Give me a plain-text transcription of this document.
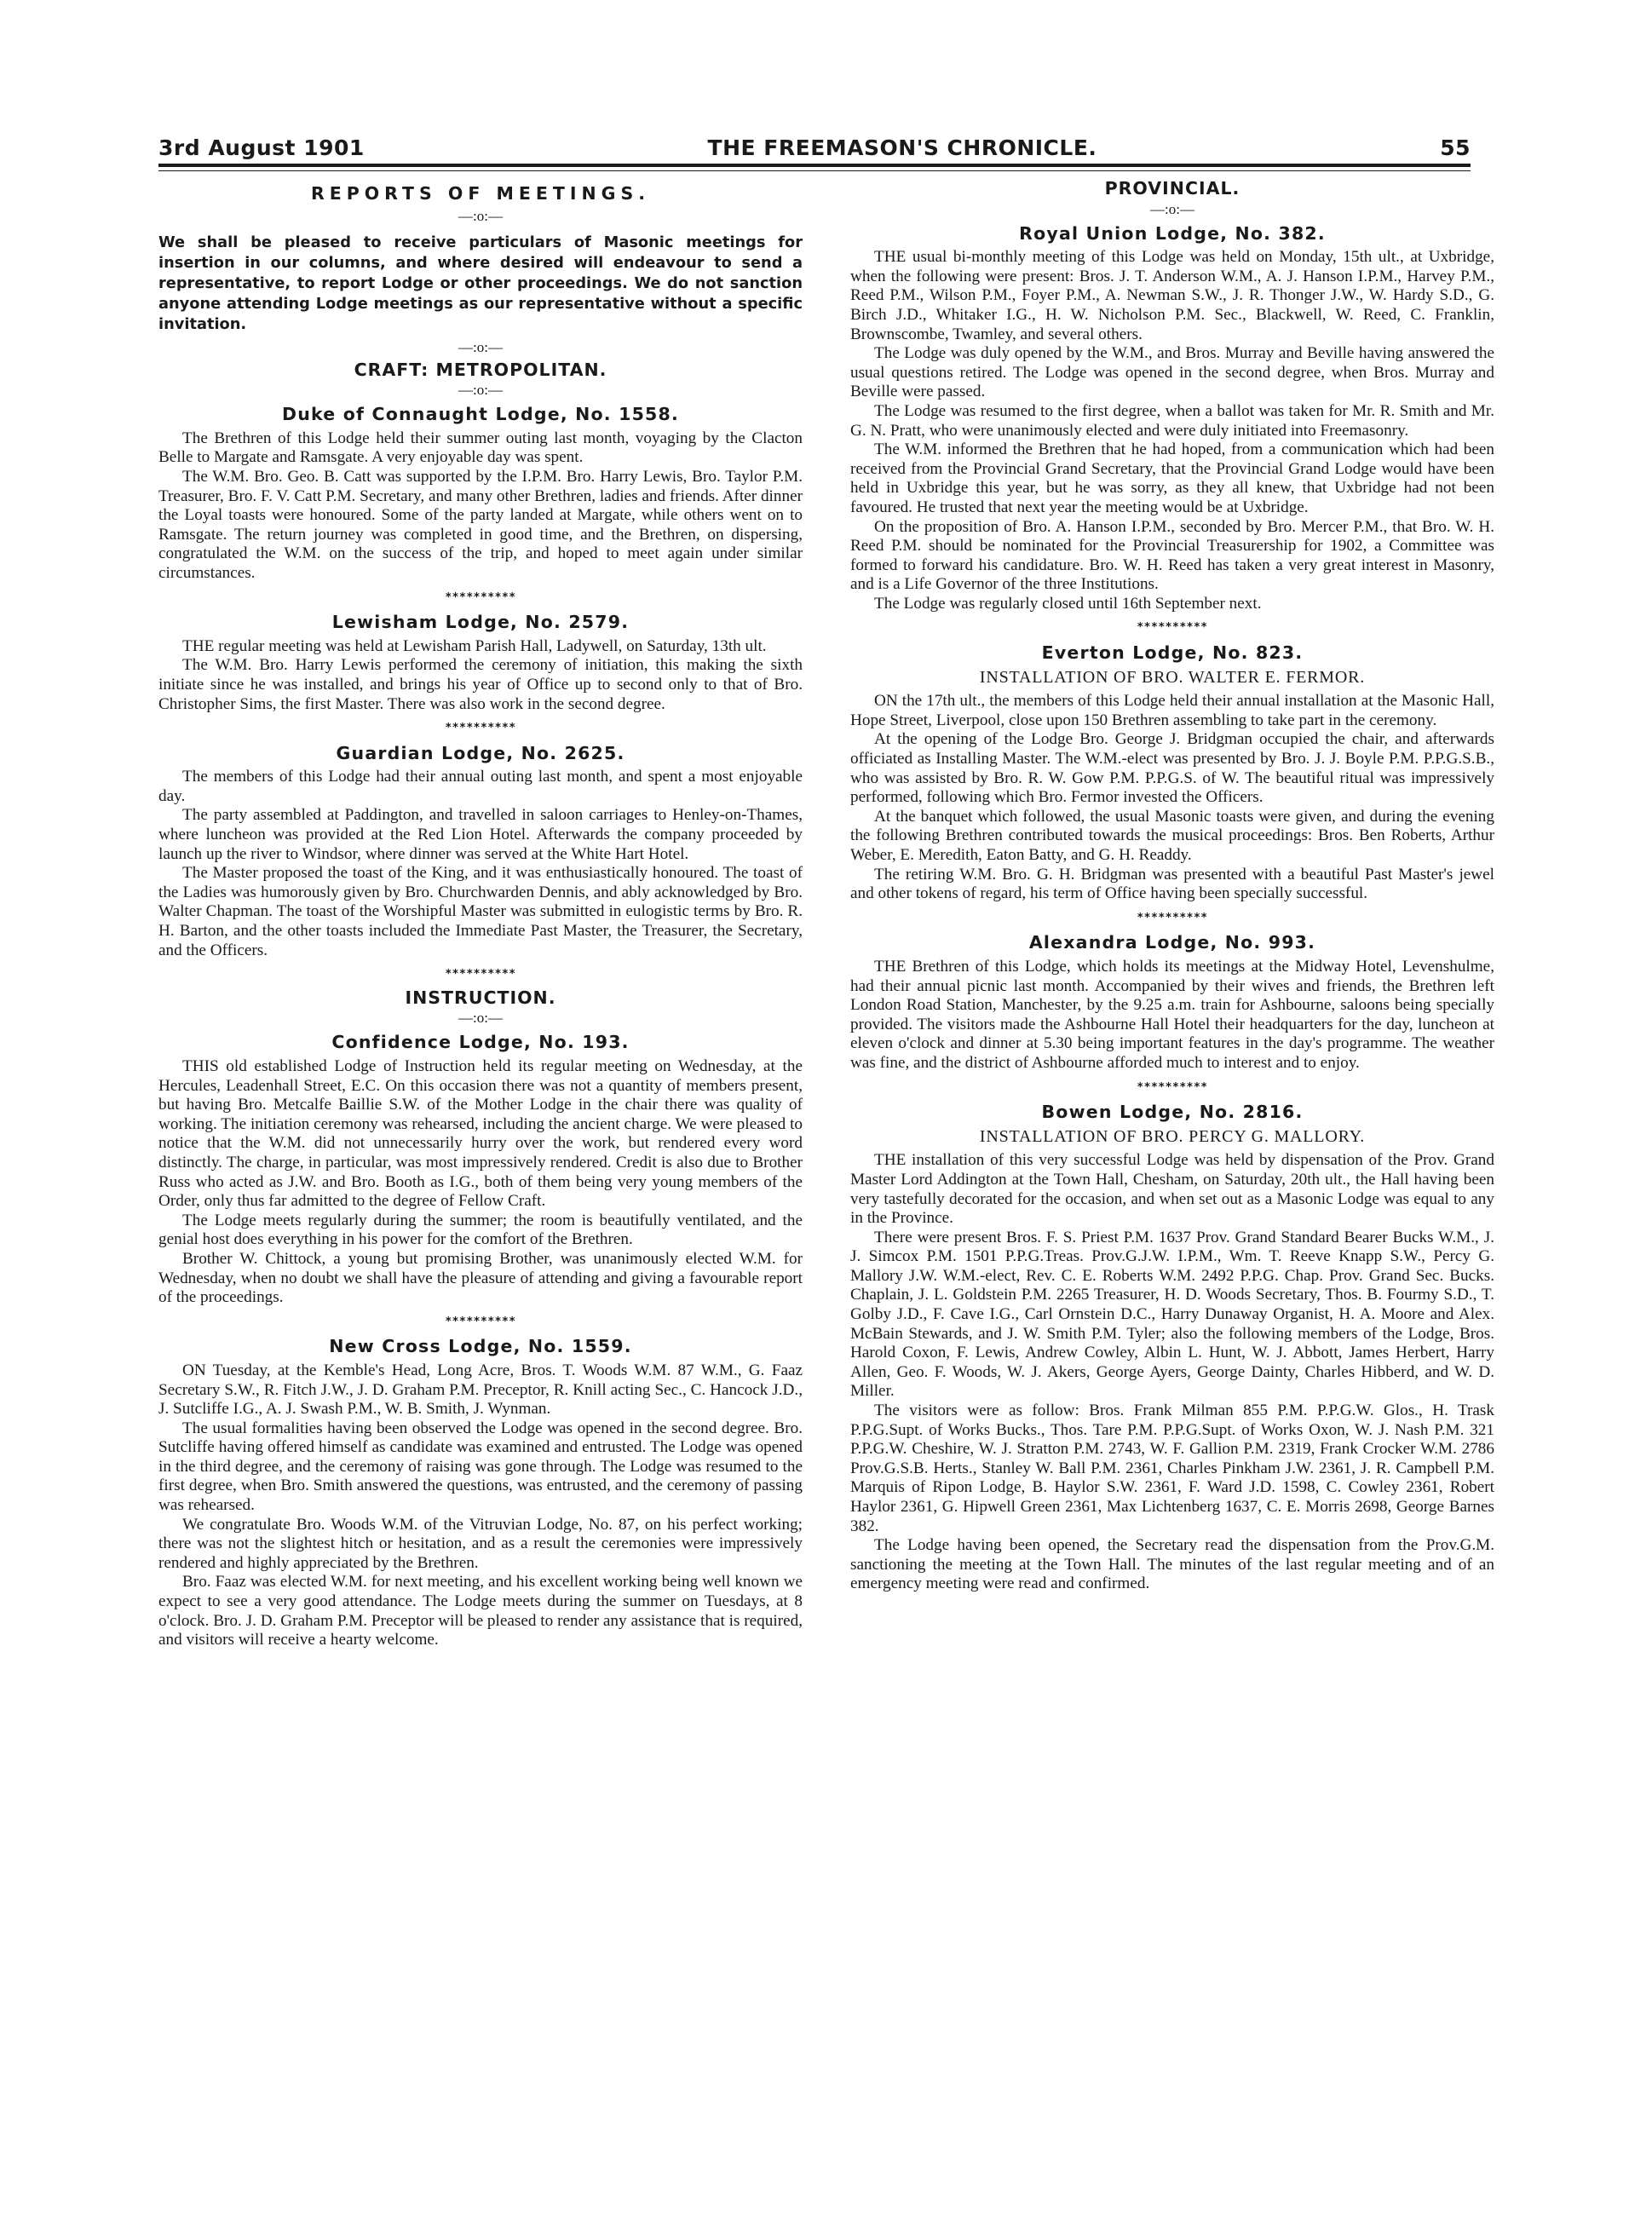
3rd August 1901	THE FREEMASON'S CHRONICLE.	55
REPORTS OF MEETINGS.
—:o:—
We shall be pleased to receive particulars of Masonic meetings for insertion in our columns, and where desired will endeavour to send a representative, to report Lodge or other proceedings. We do not sanction anyone attending Lodge meetings as our representative without a specific invitation.
—:o:—
CRAFT: METROPOLITAN.
—:o:—
Duke of Connaught Lodge, No. 1558.

The Brethren of this Lodge held their summer outing last month, voyaging by the Clacton Belle to Margate and Ramsgate. A very enjoyable day was spent.

The W.M. Bro. Geo. B. Catt was supported by the I.P.M. Bro. Harry Lewis, Bro. Taylor P.M. Treasurer, Bro. F. V. Catt P.M. Secretary, and many other Brethren, ladies and friends. After dinner the Loyal toasts were honoured. Some of the party landed at Margate, while others went on to Ramsgate. The return journey was completed in good time, and the Brethren, on dispersing, congratulated the W.M. on the success of the trip, and hoped to meet again under similar circumstances.

**********
Lewisham Lodge, No. 2579.

THE regular meeting was held at Lewisham Parish Hall, Ladywell, on Saturday, 13th ult.

The W.M. Bro. Harry Lewis performed the ceremony of initiation, this making the sixth initiate since he was installed, and brings his year of Office up to second only to that of Bro. Christopher Sims, the first Master. There was also work in the second degree.

**********
Guardian Lodge, No. 2625.

The members of this Lodge had their annual outing last month, and spent a most enjoyable day.

The party assembled at Paddington, and travelled in saloon carriages to Henley-on-Thames, where luncheon was provided at the Red Lion Hotel. Afterwards the company proceeded by launch up the river to Windsor, where dinner was served at the White Hart Hotel.

The Master proposed the toast of the King, and it was enthusiastically honoured. The toast of the Ladies was humorously given by Bro. Churchwarden Dennis, and ably acknowledged by Bro. Walter Chapman. The toast of the Worshipful Master was submitted in eulogistic terms by Bro. R. H. Barton, and the other toasts included the Immediate Past Master, the Treasurer, the Secretary, and the Officers.

**********
INSTRUCTION.
—:o:—
Confidence Lodge, No. 193.

THIS old established Lodge of Instruction held its regular meeting on Wednesday, at the Hercules, Leadenhall Street, E.C. On this occasion there was not a quantity of members present, but having Bro. Metcalfe Baillie S.W. of the Mother Lodge in the chair there was quality of working. The initiation ceremony was rehearsed, including the ancient charge. We were pleased to notice that the W.M. did not unnecessarily hurry over the work, but rendered every word distinctly. The charge, in particular, was most impressively rendered. Credit is also due to Brother Russ who acted as J.W. and Bro. Booth as I.G., both of them being very young members of the Order, only thus far admitted to the degree of Fellow Craft.

The Lodge meets regularly during the summer; the room is beautifully ventilated, and the genial host does everything in his power for the comfort of the Brethren.

Brother W. Chittock, a young but promising Brother, was unanimously elected W.M. for Wednesday, when no doubt we shall have the pleasure of attending and giving a favourable report of the proceedings.

**********
New Cross Lodge, No. 1559.

ON Tuesday, at the Kemble's Head, Long Acre, Bros. T. Woods W.M. 87 W.M., G. Faaz Secretary S.W., R. Fitch J.W., J. D. Graham P.M. Preceptor, R. Knill acting Sec., C. Hancock J.D., J. Sutcliffe I.G., A. J. Swash P.M., W. B. Smith, J. Wynman.

The usual formalities having been observed the Lodge was opened in the second degree. Bro. Sutcliffe having offered himself as candidate was examined and entrusted. The Lodge was opened in the third degree, and the ceremony of raising was gone through. The Lodge was resumed to the first degree, when Bro. Smith answered the questions, was entrusted, and the ceremony of passing was rehearsed.

We congratulate Bro. Woods W.M. of the Vitruvian Lodge, No. 87, on his perfect working; there was not the slightest hitch or hesitation, and as a result the ceremonies were impressively rendered and highly appreciated by the Brethren.

Bro. Faaz was elected W.M. for next meeting, and his excellent working being well known we expect to see a very good attendance. The Lodge meets during the summer on Tuesdays, at 8 o'clock. Bro. J. D. Graham P.M. Preceptor will be pleased to render any assistance that is required, and visitors will receive a hearty welcome.

PROVINCIAL.
—:o:—
Royal Union Lodge, No. 382.

THE usual bi-monthly meeting of this Lodge was held on Monday, 15th ult., at Uxbridge, when the following were present: Bros. J. T. Anderson W.M., A. J. Hanson I.P.M., Harvey P.M., Reed P.M., Wilson P.M., Foyer P.M., A. Newman S.W., J. R. Thonger J.W., W. Hardy S.D., G. Birch J.D., Whitaker I.G., H. W. Nicholson P.M. Sec., Blackwell, W. Reed, C. Franklin, Brownscombe, Twamley, and several others.

The Lodge was duly opened by the W.M., and Bros. Murray and Beville having answered the usual questions retired. The Lodge was opened in the second degree, when Bros. Murray and Beville were passed.

The Lodge was resumed to the first degree, when a ballot was taken for Mr. R. Smith and Mr. G. N. Pratt, who were unanimously elected and were duly initiated into Freemasonry.

The W.M. informed the Brethren that he had hoped, from a communication which had been received from the Provincial Grand Secretary, that the Provincial Grand Lodge would have been held in Uxbridge this year, but he was sorry, as they all knew, that Uxbridge had not been favoured. He trusted that next year the meeting would be at Uxbridge.

On the proposition of Bro. A. Hanson I.P.M., seconded by Bro. Mercer P.M., that Bro. W. H. Reed P.M. should be nominated for the Provincial Treasurership for 1902, a Committee was formed to forward his candidature. Bro. W. H. Reed has taken a very great interest in Masonry, and is a Life Governor of the three Institutions.

The Lodge was regularly closed until 16th September next.

**********
Everton Lodge, No. 823.
INSTALLATION OF BRO. WALTER E. FERMOR.

ON the 17th ult., the members of this Lodge held their annual installation at the Masonic Hall, Hope Street, Liverpool, close upon 150 Brethren assembling to take part in the ceremony.

At the opening of the Lodge Bro. George J. Bridgman occupied the chair, and afterwards officiated as Installing Master. The W.M.-elect was presented by Bro. J. J. Boyle P.M. P.P.G.S.B., who was assisted by Bro. R. W. Gow P.M. P.P.G.S. of W. The beautiful ritual was impressively performed, following which Bro. Fermor invested the Officers.

At the banquet which followed, the usual Masonic toasts were given, and during the evening the following Brethren contributed towards the musical proceedings: Bros. Ben Roberts, Arthur Weber, E. Meredith, Eaton Batty, and G. H. Readdy.

The retiring W.M. Bro. G. H. Bridgman was presented with a beautiful Past Master's jewel and other tokens of regard, his term of Office having been specially successful.

**********
Alexandra Lodge, No. 993.

THE Brethren of this Lodge, which holds its meetings at the Midway Hotel, Levenshulme, had their annual picnic last month. Accompanied by their wives and friends, the Brethren left London Road Station, Manchester, by the 9.25 a.m. train for Ashbourne, saloons being specially provided. The visitors made the Ashbourne Hall Hotel their headquarters for the day, luncheon at eleven o'clock and dinner at 5.30 being important features in the day's programme. The weather was fine, and the district of Ashbourne afforded much to interest and to enjoy.

**********
Bowen Lodge, No. 2816.
INSTALLATION OF BRO. PERCY G. MALLORY.

THE installation of this very successful Lodge was held by dispensation of the Prov. Grand Master Lord Addington at the Town Hall, Chesham, on Saturday, 20th ult., the Hall having been very tastefully decorated for the occasion, and when set out as a Masonic Lodge was equal to any in the Province.

There were present Bros. F. S. Priest P.M. 1637 Prov. Grand Standard Bearer Bucks W.M., J. J. Simcox P.M. 1501 P.P.G.Treas. Prov.G.J.W. I.P.M., Wm. T. Reeve Knapp S.W., Percy G. Mallory J.W. W.M.-elect, Rev. C. E. Roberts W.M. 2492 P.P.G. Chap. Prov. Grand Sec. Bucks. Chaplain, J. L. Goldstein P.M. 2265 Treasurer, H. D. Woods Secretary, Thos. B. Fourmy S.D., T. Golby J.D., F. Cave I.G., Carl Ornstein D.C., Harry Dunaway Organist, H. A. Moore and Alex. McBain Stewards, and J. W. Smith P.M. Tyler; also the following members of the Lodge, Bros. Harold Coxon, F. Lewis, Andrew Cowley, Albin L. Hunt, W. J. Abbott, James Herbert, Harry Allen, Geo. F. Woods, W. J. Akers, George Ayers, George Dainty, Charles Hibberd, and W. D. Miller.

The visitors were as follow: Bros. Frank Milman 855 P.M. P.P.G.W. Glos., H. Trask P.P.G.Supt. of Works Bucks., Thos. Tare P.M. P.P.G.Supt. of Works Oxon, W. J. Nash P.M. 321 P.P.G.W. Cheshire, W. J. Stratton P.M. 2743, W. F. Gallion P.M. 2319, Frank Crocker W.M. 2786 Prov.G.S.B. Herts., Stanley W. Ball P.M. 2361, Charles Pinkham J.W. 2361, J. R. Campbell P.M. Marquis of Ripon Lodge, B. Haylor S.W. 2361, F. Ward J.D. 1598, C. Cowley 2361, Robert Haylor 2361, G. Hipwell Green 2361, Max Lichtenberg 1637, C. E. Morris 2698, George Barnes 382.

The Lodge having been opened, the Secretary read the dispensation from the Prov.G.M. sanctioning the meeting at the Town Hall. The minutes of the last regular meeting and of an emergency meeting were read and confirmed.
